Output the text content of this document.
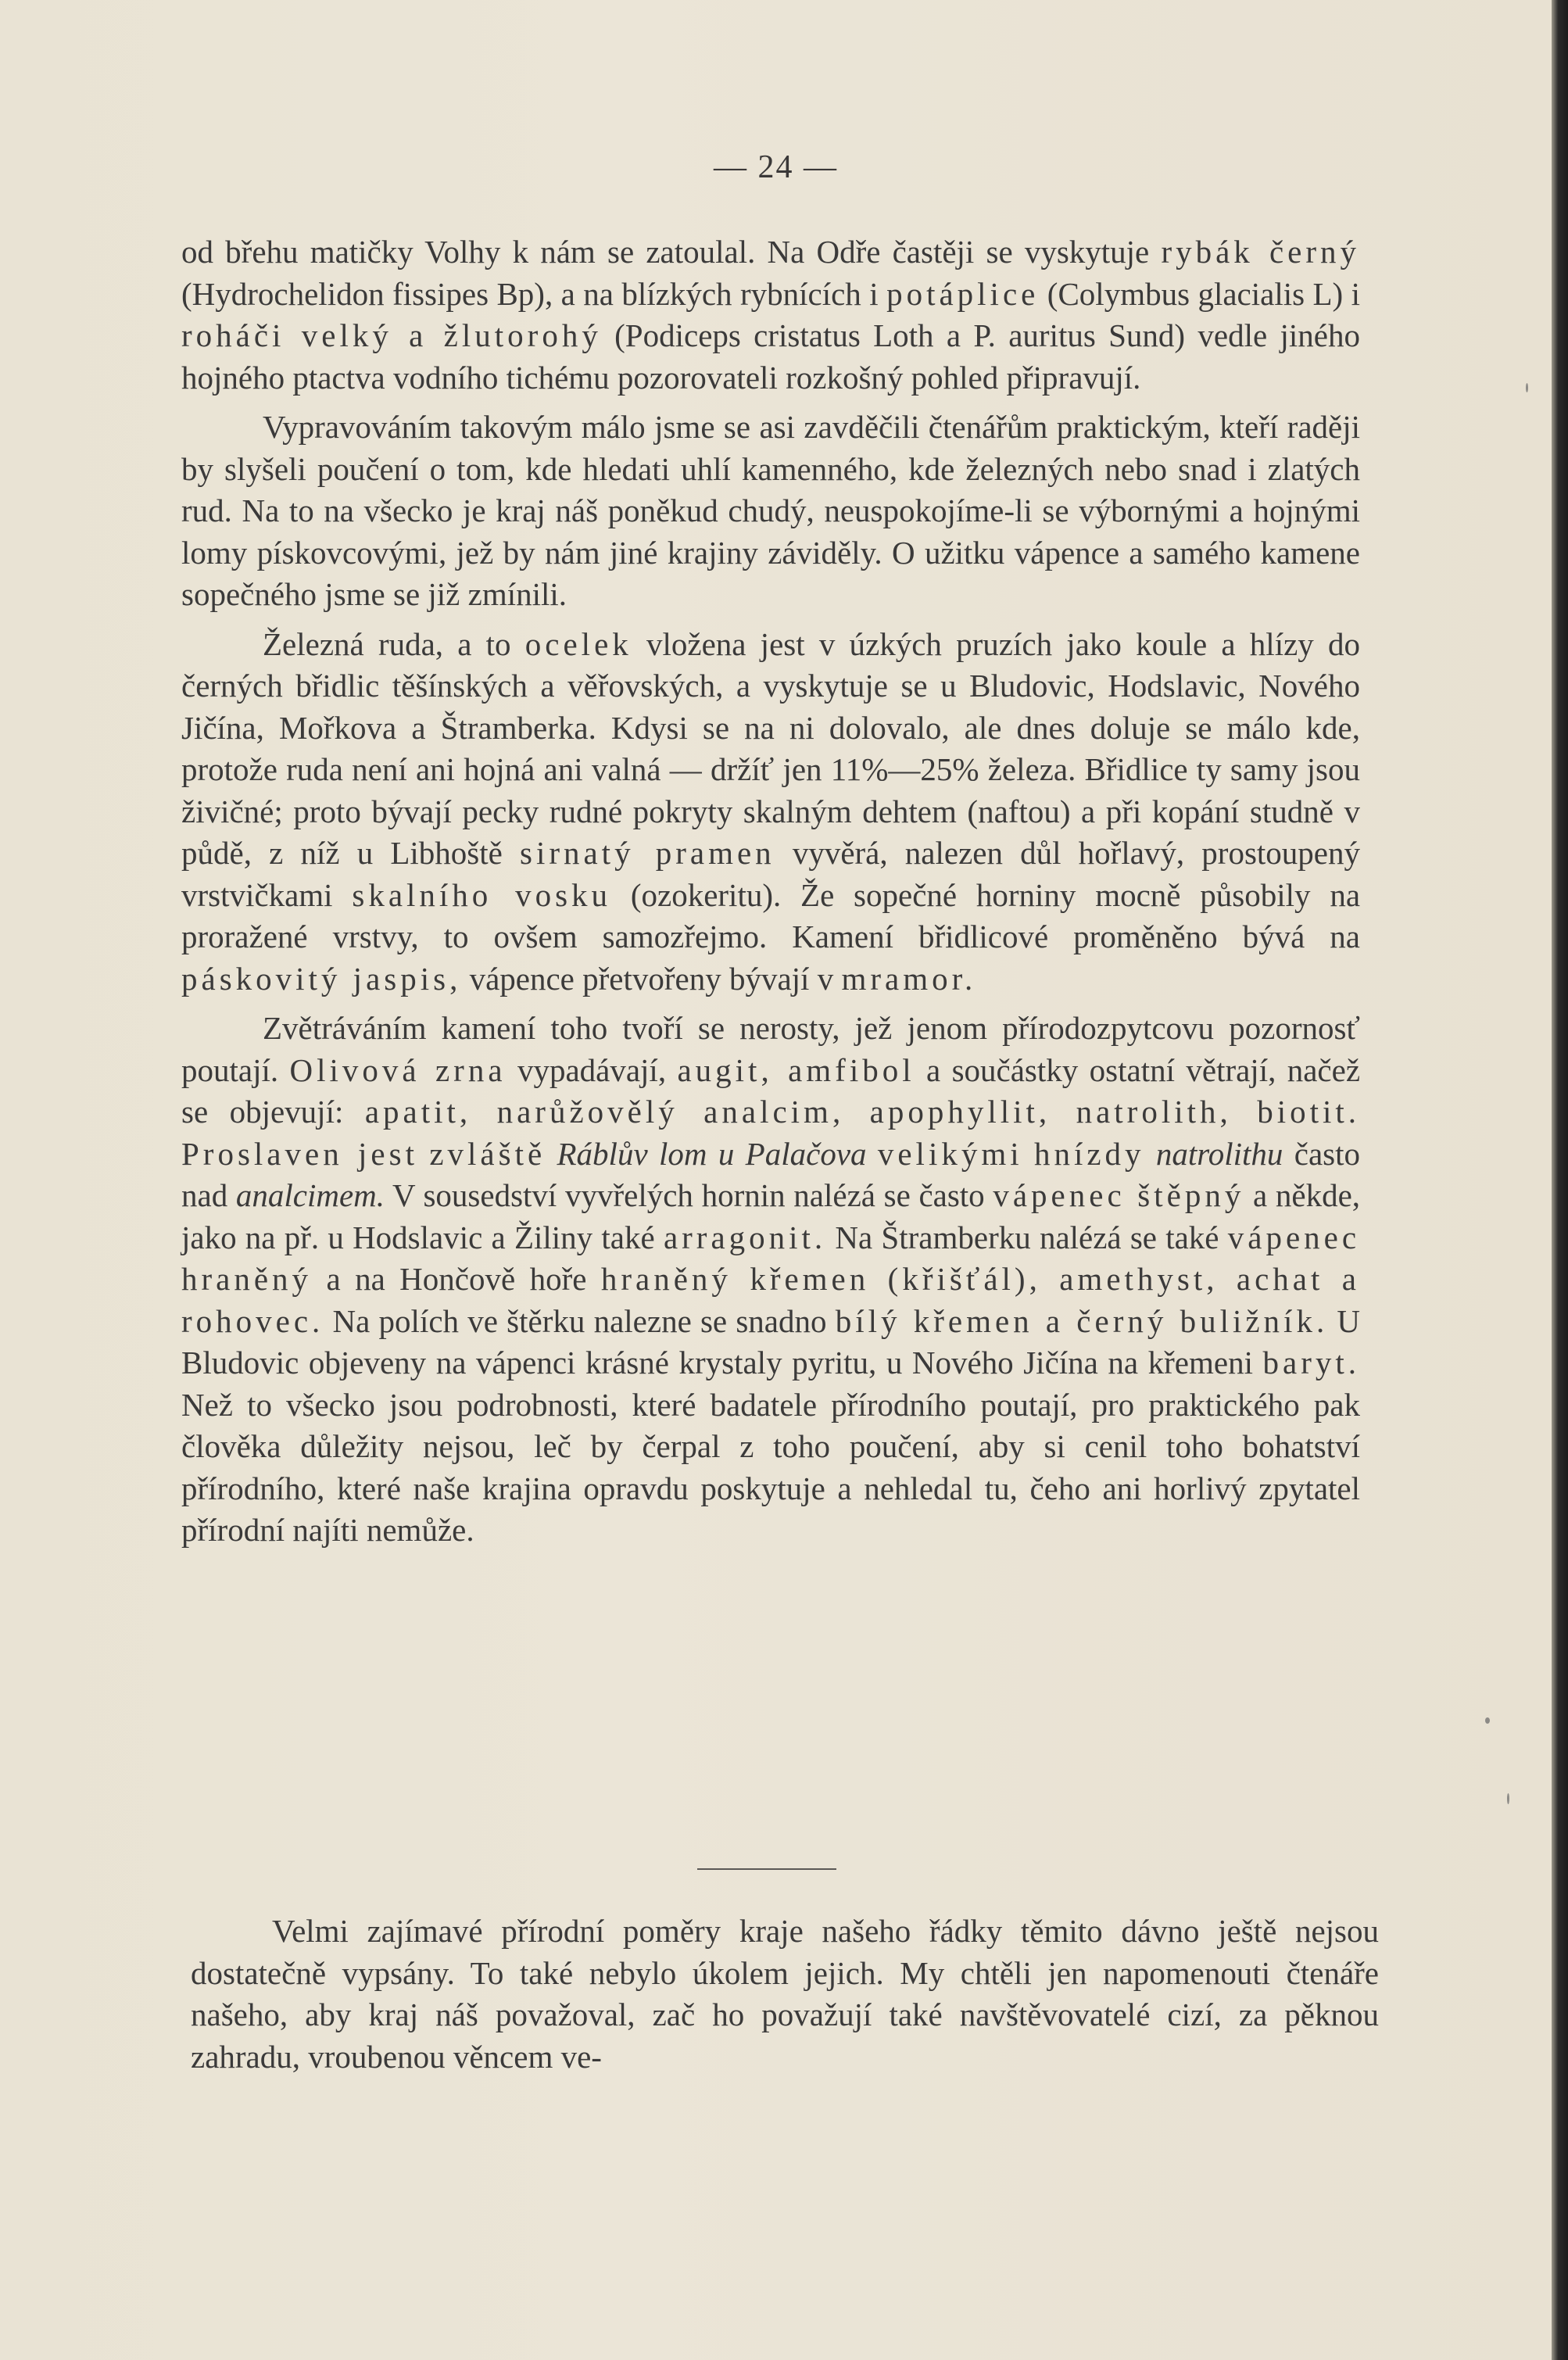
— 24 —

od břehu matičky Volhy k nám se zatoulal. Na Odře častěji se vyskytuje rybák černý (Hydrochelidon fissipes Bp), a na blízkých rybnících i potáplice (Colymbus glacialis L) i roháči velký a žlutorohý (Podiceps cristatus Loth a P. auritus Sund) vedle jiného hojného ptactva vodního tichému pozorovateli rozkošný pohled připravují.

Vypravováním takovým málo jsme se asi zavděčili čtenářům praktickým, kteří raději by slyšeli poučení o tom, kde hledati uhlí kamenného, kde železných nebo snad i zlatých rud. Na to na všecko je kraj náš poněkud chudý, neuspokojíme-li se výbornými a hojnými lomy pískovcovými, jež by nám jiné krajiny záviděly. O užitku vápence a samého kamene sopečného jsme se již zmínili.

Železná ruda, a to ocelek vložena jest v úzkých pruzích jako koule a hlízy do černých břidlic těšínských a věřovských, a vyskytuje se u Bludovic, Hodslavic, Nového Jičína, Mořkova a Štramberka. Kdysi se na ni dolovalo, ale dnes doluje se málo kde, protože ruda není ani hojná ani valná — držíť jen 11%—25% železa. Břidlice ty samy jsou živičné; proto bývají pecky rudné pokryty skalným dehtem (naftou) a při kopání studně v půdě, z níž u Libhoště sirnatý pramen vyvěrá, nalezen důl hořlavý, prostoupený vrstvičkami skalního vosku (ozokeritu). Že sopečné horniny mocně působily na proražené vrstvy, to ovšem samozřejmo. Kamení břidlicové proměněno bývá na páskovitý jaspis, vápence přetvořeny bývají v mramor.

Zvětráváním kamení toho tvoří se nerosty, jež jenom přírodozpytcovu pozornosť poutají. Olivová zrna vypadávají, augit, amfibol a součástky ostatní větrají, načež se objevují: apatit, narůžovělý analcim, apophyllit, natrolith, biotit. Proslaven jest zvláště Ráblův lom u Palačova velikými hnízdy natrolithu často nad analcimem. V sousedství vyvřelých hornin nalézá se často vápenec štěpný a někde, jako na př. u Hodslavic a Žiliny také arragonit. Na Štramberku nalézá se také vápenec hraněný a na Hončově hoře hraněný křemen (křišťál), amethyst, achat a rohovec. Na polích ve štěrku nalezne se snadno bílý křemen a černý buližník. U Bludovic objeveny na vápenci krásné krystaly pyritu, u Nového Jičína na křemeni baryt. Než to všecko jsou podrobnosti, které badatele přírodního poutají, pro praktického pak člověka důležity nejsou, leč by čerpal z toho poučení, aby si cenil toho bohatství přírodního, které naše krajina opravdu poskytuje a nehledal tu, čeho ani horlivý zpytatel přírodní najíti nemůže.

Velmi zajímavé přírodní poměry kraje našeho řádky těmito dávno ještě nejsou dostatečně vypsány. To také nebylo úkolem jejich. My chtěli jen napomenouti čtenáře našeho, aby kraj náš považoval, zač ho považují také navštěvovatelé cizí, za pěknou zahradu, vroubenou věncem ve-
